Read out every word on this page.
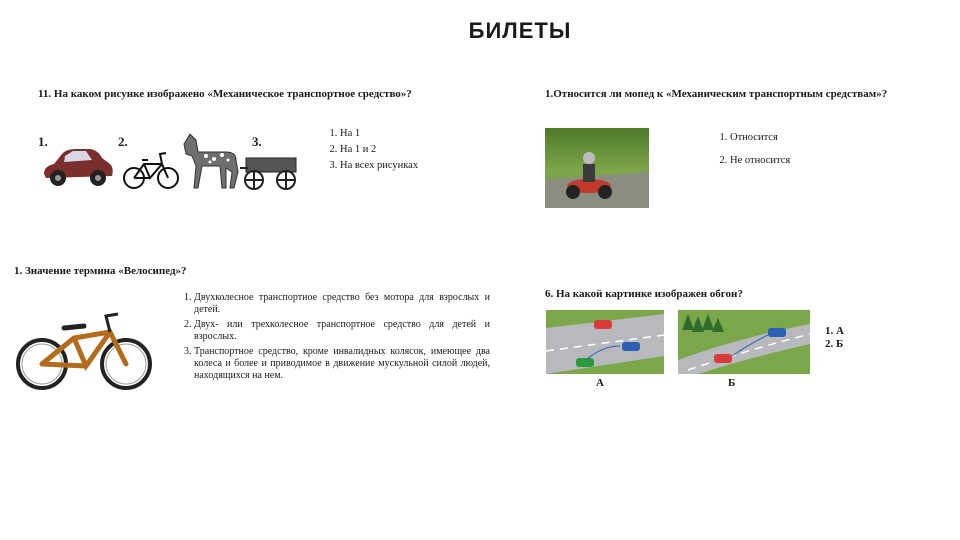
БИЛЕТЫ
11. На каком рисунке изображено «Механическое транспортное средство»?
1.	2.	3.
1. На 1
2. На 1 и 2
3. На всех рисунках
1.Относится ли мопед к «Механическим транспортным средствам»?
1. Относится
2. Не относится
1. Значение термина «Велосипед»?
1. Двухколесное транспортное средство без мотора для взрослых и детей.
2. Двух- или трехколесное транспортное средство для детей и взрослых.
3. Транспортное средство, кроме инвалидных колясок, имеющее два колеса и более и приводимое в движение мускульной силой людей, находящихся на нем.
6. На какой картинке изображен обгон?
А	Б
1. А
2. Б
